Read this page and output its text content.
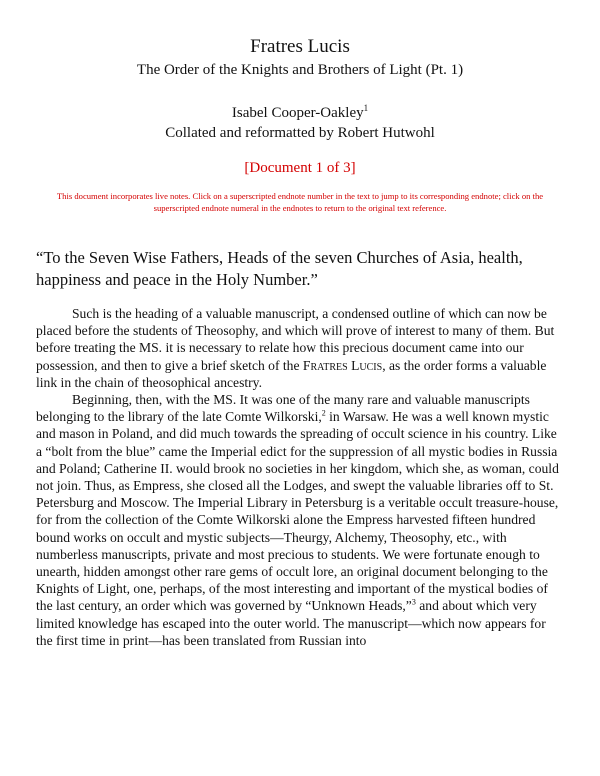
Fratres Lucis
The Order of the Knights and Brothers of Light (Pt. 1)
Isabel Cooper-Oakley$^1$
Collated and reformatted by Robert Hutwohl
[Document 1 of 3]
This document incorporates live notes. Click on a superscripted endnote number in the text to jump to its corresponding endnote; click on the superscripted endnote numeral in the endnotes to return to the original text reference.
“To the Seven Wise Fathers, Heads of the seven Churches of Asia, health, happiness and peace in the Holy Number.”

Such is the heading of a valuable manuscript, a condensed outline of which can now be placed before the students of Theosophy, and which will prove of interest to many of them. But before treating the MS. it is necessary to relate how this precious document came into our possession, and then to give a brief sketch of the Fratres Lucis, as the order forms a valuable link in the chain of theosophical ancestry.

Beginning, then, with the MS. It was one of the many rare and valuable manuscripts belonging to the library of the late Comte Wilkorski,$^2$ in Warsaw. He was a well known mystic and mason in Poland, and did much towards the spreading of occult science in his country. Like a “bolt from the blue” came the Imperial edict for the suppression of all mystic bodies in Russia and Poland; Catherine II. would brook no societies in her kingdom, which she, as woman, could not join. Thus, as Empress, she closed all the Lodges, and swept the valuable libraries off to St. Petersburg and Moscow. The Imperial Library in Petersburg is a veritable occult treasure-house, for from the collection of the Comte Wilkorski alone the Empress harvested fifteen hundred bound works on occult and mystic subjects—Theurgy, Alchemy, Theosophy, etc., with numberless manuscripts, private and most precious to students. We were fortunate enough to unearth, hidden amongst other rare gems of occult lore, an original document belonging to the Knights of Light, one, perhaps, of the most interesting and important of the mystical bodies of the last century, an order which was governed by “Unknown Heads,”$^3$ and about which very limited knowledge has escaped into the outer world. The manuscript—which now appears for the first time in print—has been translated from Russian into
